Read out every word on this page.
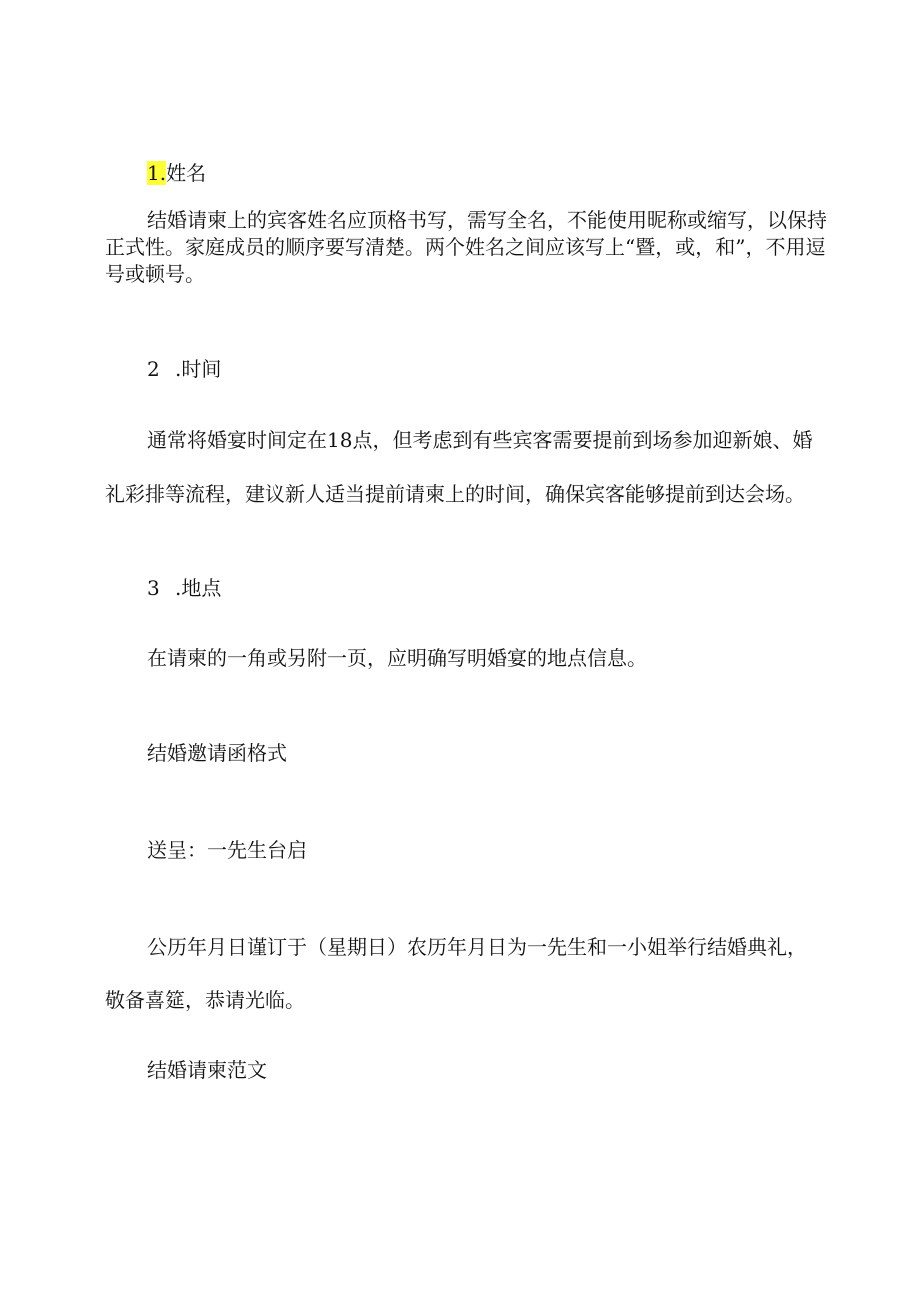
1.姓名
结婚请柬上的宾客姓名应顶格书写，需写全名，不能使用昵称或缩写，以保持
正式性。家庭成员的顺序要写清楚。两个姓名之间应该写上“暨，或，和”，不用逗
号或顿号。
2 .时间
通常将婚宴时间定在18点，但考虑到有些宾客需要提前到场参加迎新娘、婚
礼彩排等流程，建议新人适当提前请柬上的时间，确保宾客能够提前到达会场。
3 .地点
在请柬的一角或另附一页，应明确写明婚宴的地点信息。
结婚邀请函格式
送呈：一先生台启
公历年月日谨订于（星期日）农历年月日为一先生和一小姐举行结婚典礼，
敬备喜筵，恭请光临。
结婚请柬范文
